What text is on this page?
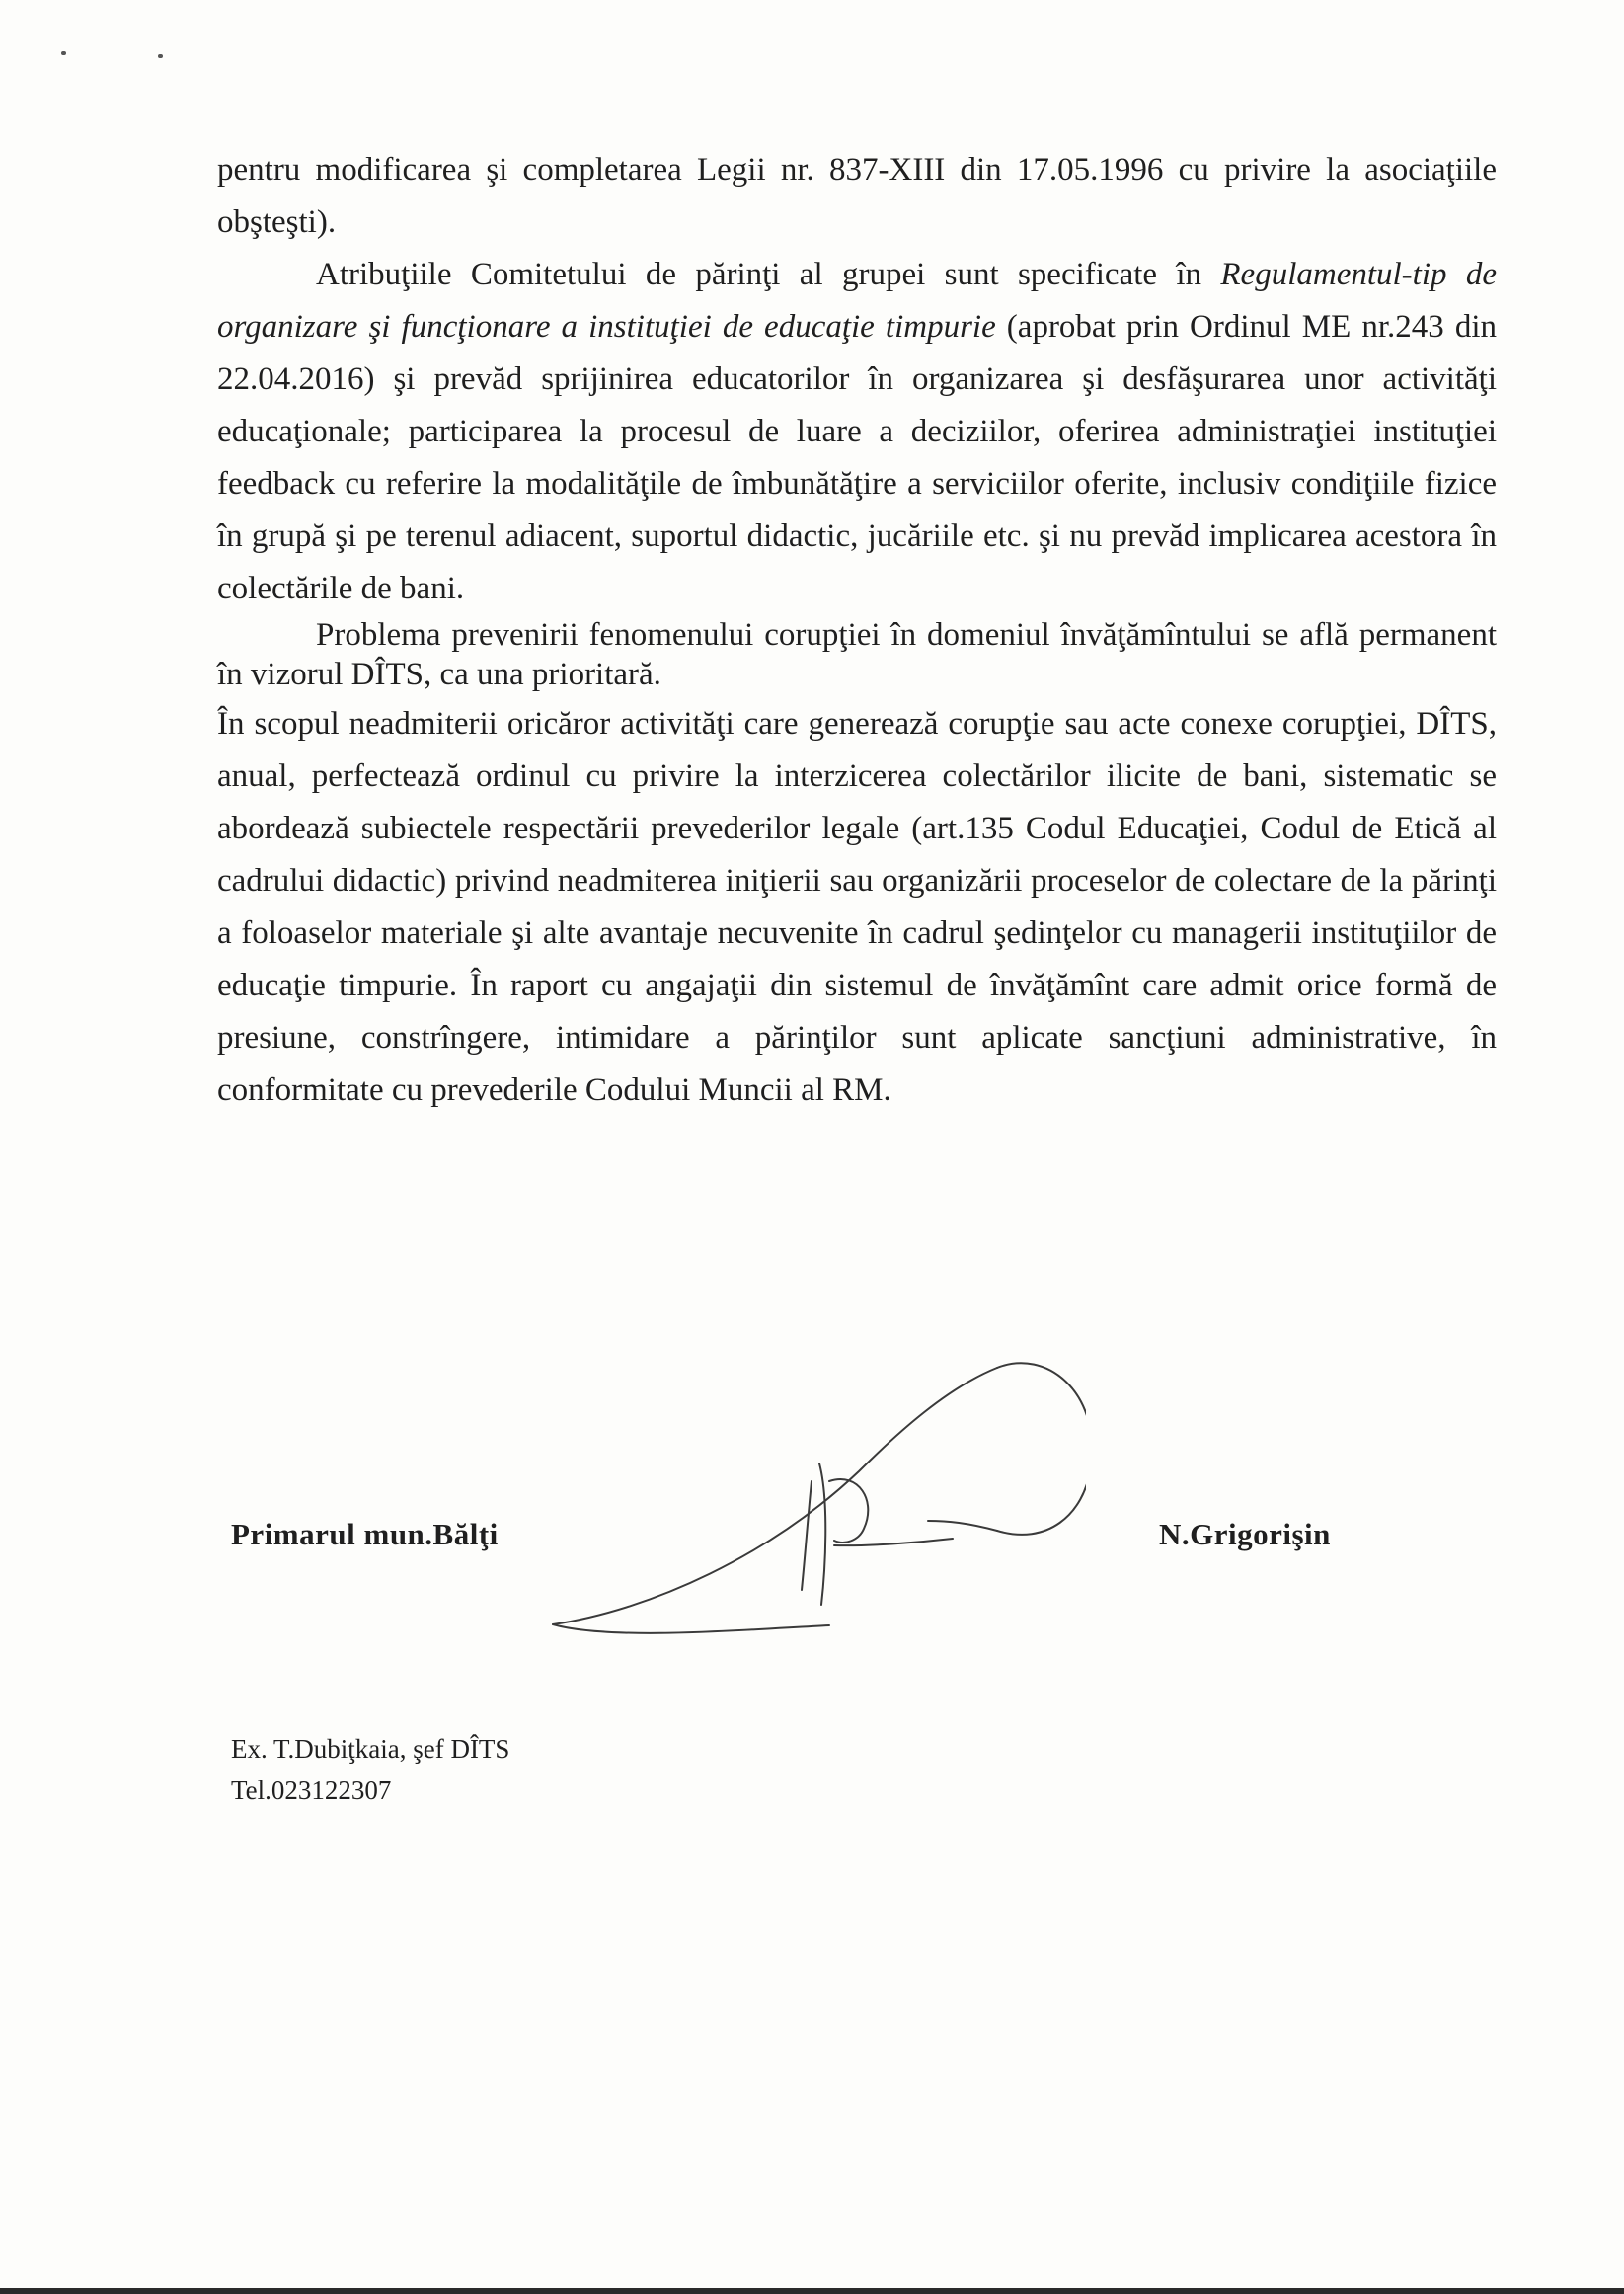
pentru modificarea şi completarea Legii nr. 837-XIII din 17.05.1996 cu privire la asociaţiile obşteşti).

Atribuţiile Comitetului de părinţi al grupei sunt specificate în Regulamentul-tip de organizare şi funcţionare a instituţiei de educaţie timpurie (aprobat prin Ordinul ME nr.243 din 22.04.2016) şi prevăd sprijinirea educatorilor în organizarea şi desfăşurarea unor activităţi educaţionale; participarea la procesul de luare a deciziilor, oferirea administraţiei instituţiei feedback cu referire la modalităţile de îmbunătăţire a serviciilor oferite, inclusiv condiţiile fizice în grupă şi pe terenul adiacent, suportul didactic, jucăriile etc. şi nu prevăd implicarea acestora în colectările de bani.

Problema prevenirii fenomenului corupţiei în domeniul învăţămîntului se află permanent în vizorul DÎTS, ca una prioritară.

În scopul neadmiterii oricăror activităţi care generează corupţie sau acte conexe corupţiei, DÎTS, anual, perfectează ordinul cu privire la interzicerea colectărilor ilicite de bani, sistematic se abordează subiectele respectării prevederilor legale (art.135 Codul Educaţiei, Codul de Etică al cadrului didactic) privind neadmiterea iniţierii sau organizării proceselor de colectare de la părinţi a foloaselor materiale şi alte avantaje necuvenite în cadrul şedinţelor cu managerii instituţiilor de educaţie timpurie. În raport cu angajaţii din sistemul de învăţămînt care admit orice formă de presiune, constrîngere, intimidare a părinţilor sunt aplicate sancţiuni administrative, în conformitate cu prevederile Codului Muncii al RM.

Primarul mun.Bălţi	N.Grigorişin
Ex. T.Dubiţkaia, şef DÎTS
Tel.023122307
